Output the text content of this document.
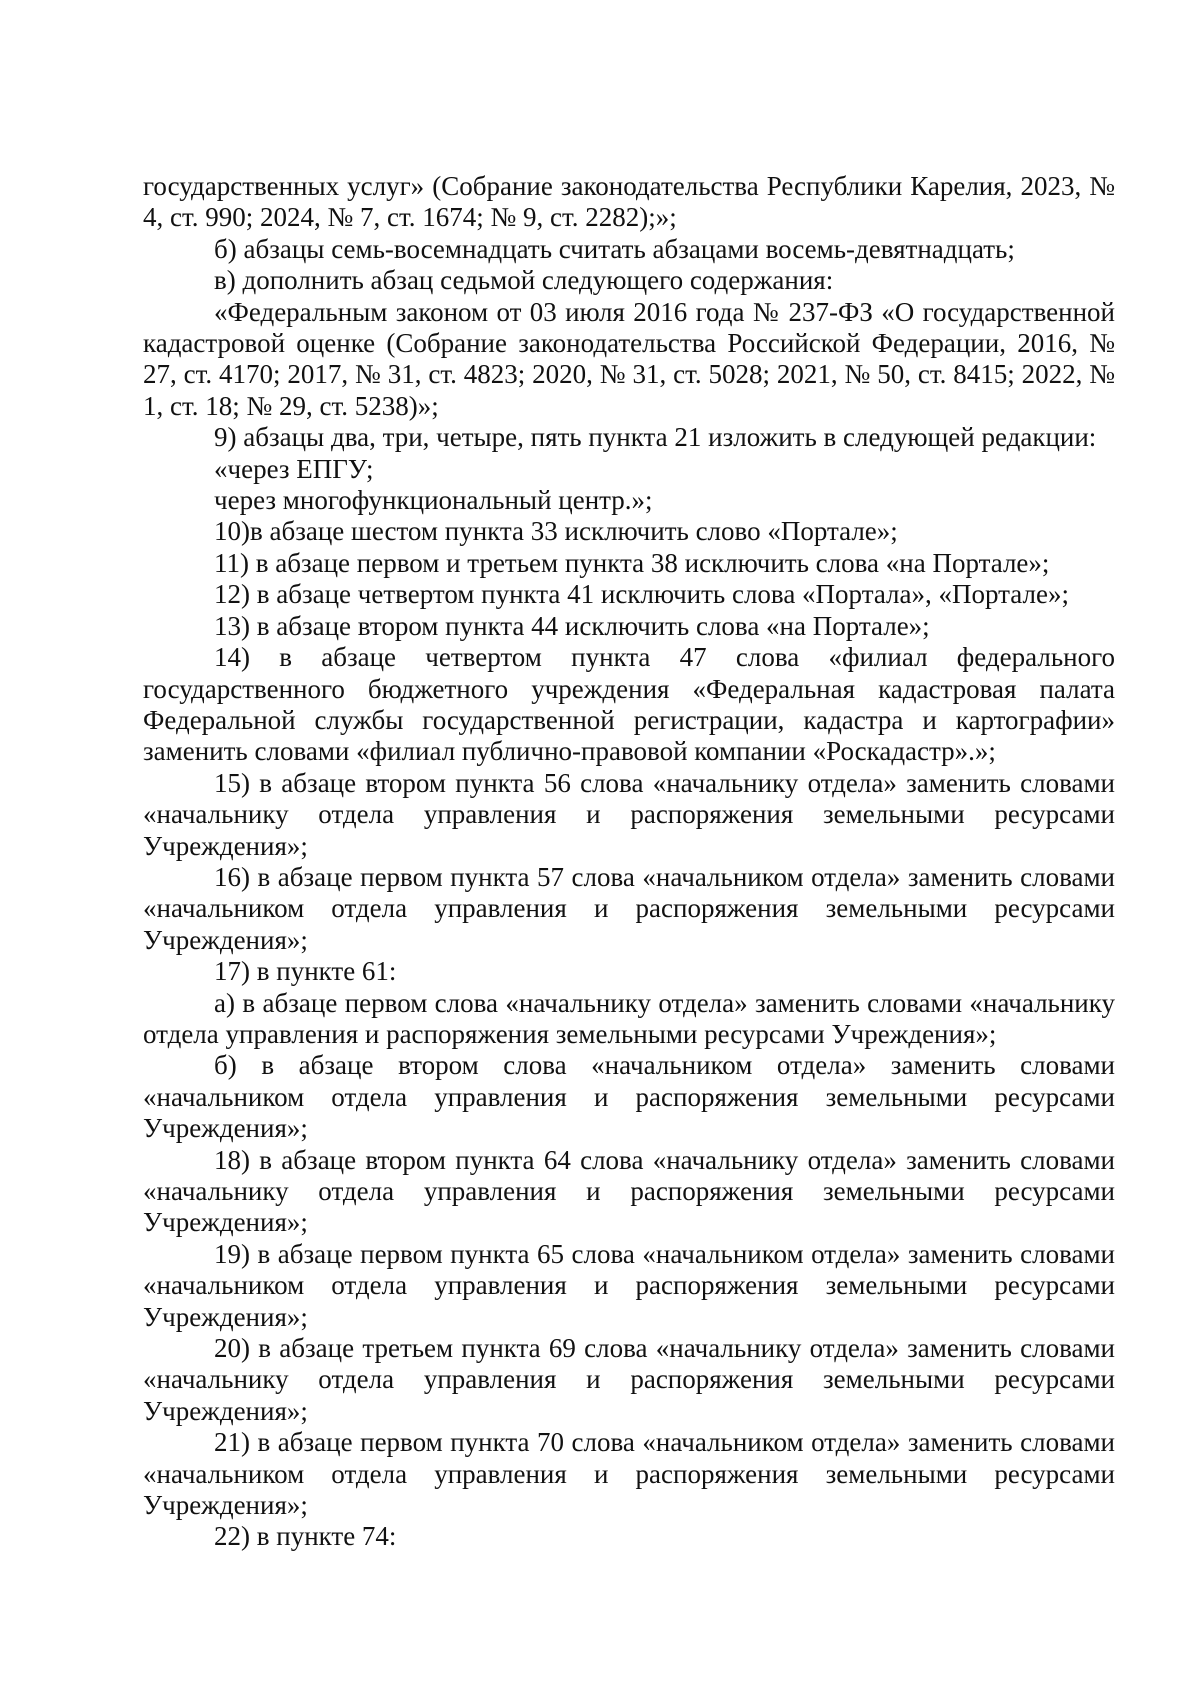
государственных услуг» (Собрание законодательства Республики Карелия, 2023, № 4, ст. 990; 2024, № 7, ст. 1674; № 9, ст. 2282);»;

б) абзацы семь-восемнадцать считать абзацами восемь-девятнадцать;

в) дополнить абзац седьмой следующего содержания:

«Федеральным законом от 03 июля 2016 года № 237-ФЗ «О государственной кадастровой оценке (Собрание законодательства Российской Федерации, 2016, № 27, ст. 4170; 2017, № 31, ст. 4823; 2020, № 31, ст. 5028; 2021, № 50, ст. 8415; 2022, № 1, ст. 18; № 29, ст. 5238)»;

9) абзацы два, три, четыре, пять пункта 21 изложить в следующей редакции:

«через ЕПГУ;

через многофункциональный центр.»;

10)в абзаце шестом пункта 33 исключить слово «Портале»;

11) в абзаце первом и третьем пункта 38 исключить слова «на Портале»;

12) в абзаце четвертом пункта 41 исключить слова «Портала», «Портале»;

13) в абзаце втором пункта 44 исключить слова «на Портале»;

14) в абзаце четвертом пункта 47 слова «филиал федерального государственного бюджетного учреждения «Федеральная кадастровая палата Федеральной службы государственной регистрации, кадастра и картографии» заменить словами «филиал публично-правовой компании «Роскадастр».»;

15) в абзаце втором пункта 56 слова «начальнику отдела» заменить словами «начальнику отдела управления и распоряжения земельными ресурсами Учреждения»;

16) в абзаце первом пункта 57 слова «начальником отдела» заменить словами «начальником отдела управления и распоряжения земельными ресурсами Учреждения»;

17) в пункте 61:

а) в абзаце первом слова «начальнику отдела» заменить словами «начальнику отдела управления и распоряжения земельными ресурсами Учреждения»;

б) в абзаце втором слова «начальником отдела» заменить словами «начальником отдела управления и распоряжения земельными ресурсами Учреждения»;

18) в абзаце втором пункта 64 слова «начальнику отдела» заменить словами «начальнику отдела управления и распоряжения земельными ресурсами Учреждения»;

19) в абзаце первом пункта 65 слова «начальником отдела» заменить словами «начальником отдела управления и распоряжения земельными ресурсами Учреждения»;

20) в абзаце третьем пункта 69 слова «начальнику отдела» заменить словами «начальнику отдела управления и распоряжения земельными ресурсами Учреждения»;

21) в абзаце первом пункта 70 слова «начальником отдела» заменить словами «начальником отдела управления и распоряжения земельными ресурсами Учреждения»;

22) в пункте 74:
